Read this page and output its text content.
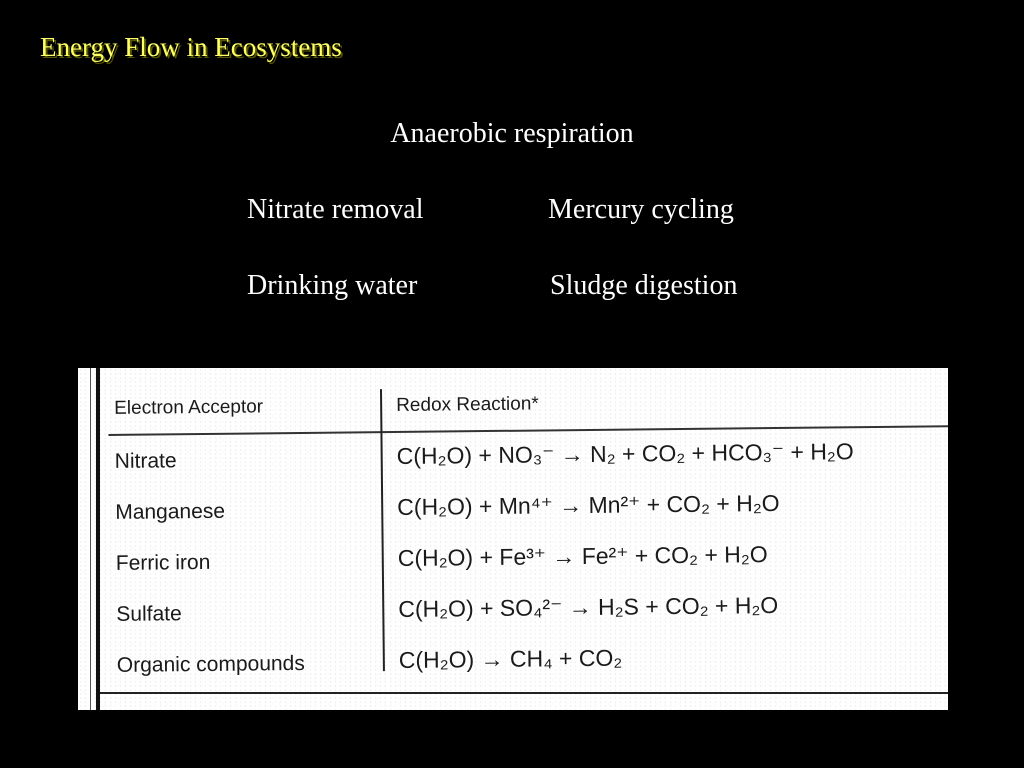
Energy Flow in Ecosystems
Anaerobic respiration
Nitrate removal	Mercury cycling
Drinking water	Sludge digestion
Electron Acceptor	Redox Reaction*
Nitrate	C(H₂O) + NO₃⁻ → N₂ + CO₂ + HCO₃⁻ + H₂O
Manganese	C(H₂O) + Mn⁴⁺ → Mn²⁺ + CO₂ + H₂O
Ferric iron	C(H₂O) + Fe³⁺ → Fe²⁺ + CO₂ + H₂O
Sulfate	C(H₂O) + SO₄²⁻ → H₂S + CO₂ + H₂O
Organic compounds	C(H₂O) → CH₄ + CO₂
